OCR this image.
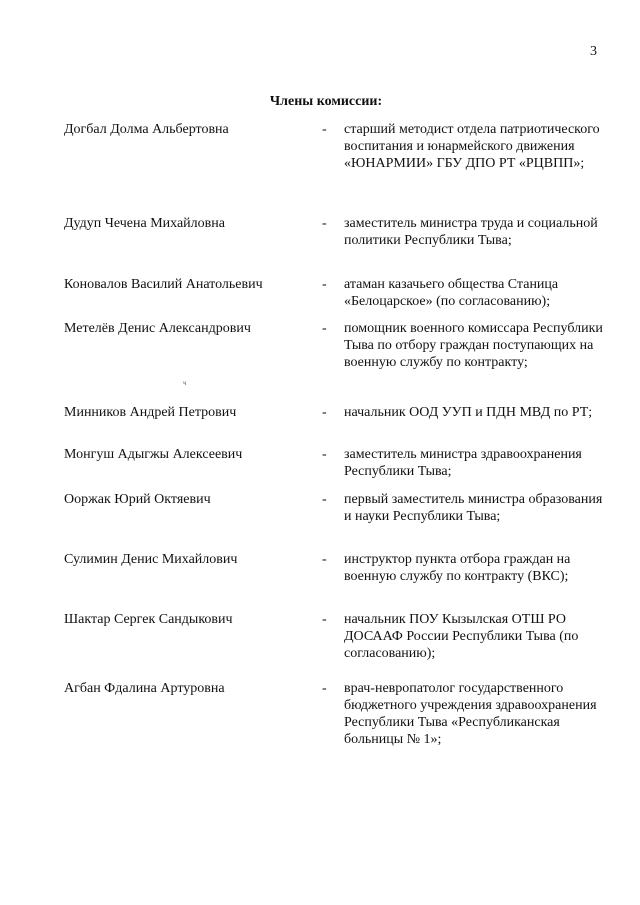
3
Члены комиссии:
Догбал Долма Альбертовна	- старший методист отдела патриотического воспитания и юнармейского движения «ЮНАРМИИ» ГБУ ДПО РТ «РЦВПП»;
Дудуп Чечена Михайловна	- заместитель министра труда и социальной политики Республики Тыва;
Коновалов Василий Анатольевич	- атаман казачьего общества Станица «Белоцарское» (по согласованию);
Метелёв Денис Александрович	- помощник военного комиссара Республики Тыва по отбору граждан поступающих на военную службу по контракту;
Минников Андрей Петрович	- начальник ООД УУП и ПДН МВД по РТ;
Монгуш Адыгжы Алексеевич	- заместитель министра здравоохранения Республики Тыва;
Ооржак Юрий Октяевич	- первый заместитель министра образования и науки Республики Тыва;
Сулимин Денис Михайлович	- инструктор пункта отбора граждан на военную службу по контракту (ВКС);
Шактар Сергек Сандыкович	- начальник ПОУ Кызылская ОТШ РО ДОСААФ России Республики Тыва (по согласованию);
Агбан Фдалина Артуровна	- врач-невропатолог государственного бюджетного учреждения здравоохранения Республики Тыва «Республиканская больницы № 1»;
ч
